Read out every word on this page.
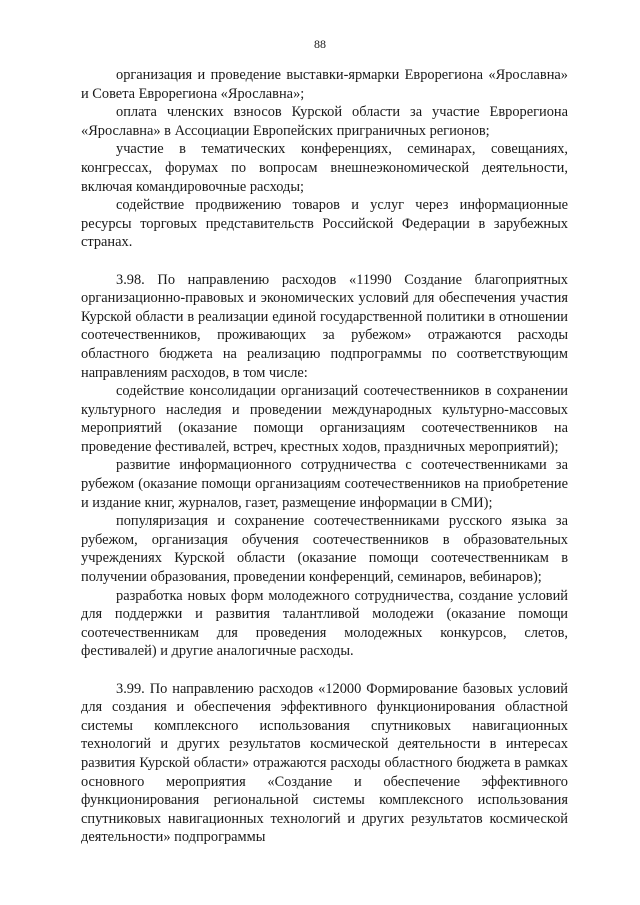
88

организация и проведение выставки-ярмарки Еврорегиона «Ярославна» и Совета Еврорегиона «Ярославна»;

оплата членских взносов Курской области за участие Еврорегиона «Ярославна» в Ассоциации Европейских приграничных регионов;

участие в тематических конференциях, семинарах, совещаниях, конгрессах, форумах по вопросам внешнеэкономической деятельности, включая командировочные расходы;

содействие продвижению товаров и услуг через информационные ресурсы торговых представительств Российской Федерации в зарубежных странах.

3.98. По направлению расходов «11990 Создание благоприятных организационно-правовых и экономических условий для обеспечения участия Курской области в реализации единой государственной политики в отношении соотечественников, проживающих за рубежом» отражаются расходы областного бюджета на реализацию подпрограммы по соответствующим направлениям расходов, в том числе:

содействие консолидации организаций соотечественников в сохранении культурного наследия и проведении международных культурно-массовых мероприятий (оказание помощи организациям соотечественников на проведение фестивалей, встреч, крестных ходов, праздничных мероприятий);

развитие информационного сотрудничества с соотечественниками за рубежом (оказание помощи организациям соотечественников на приобретение и издание книг, журналов, газет, размещение информации в СМИ);

популяризация и сохранение соотечественниками русского языка за рубежом, организация обучения соотечественников в образовательных учреждениях Курской области (оказание помощи соотечественникам в получении образования, проведении конференций, семинаров, вебинаров);

разработка новых форм молодежного сотрудничества, создание условий для поддержки и развития талантливой молодежи (оказание помощи соотечественникам для проведения молодежных конкурсов, слетов, фестивалей) и другие аналогичные расходы.

3.99. По направлению расходов «12000 Формирование базовых условий для создания и обеспечения эффективного функционирования областной системы комплексного использования спутниковых навигационных технологий и других результатов космической деятельности в интересах развития Курской области» отражаются расходы областного бюджета в рамках основного мероприятия «Создание и обеспечение эффективного функционирования региональной системы комплексного использования спутниковых навигационных технологий и других результатов космической деятельности» подпрограммы
